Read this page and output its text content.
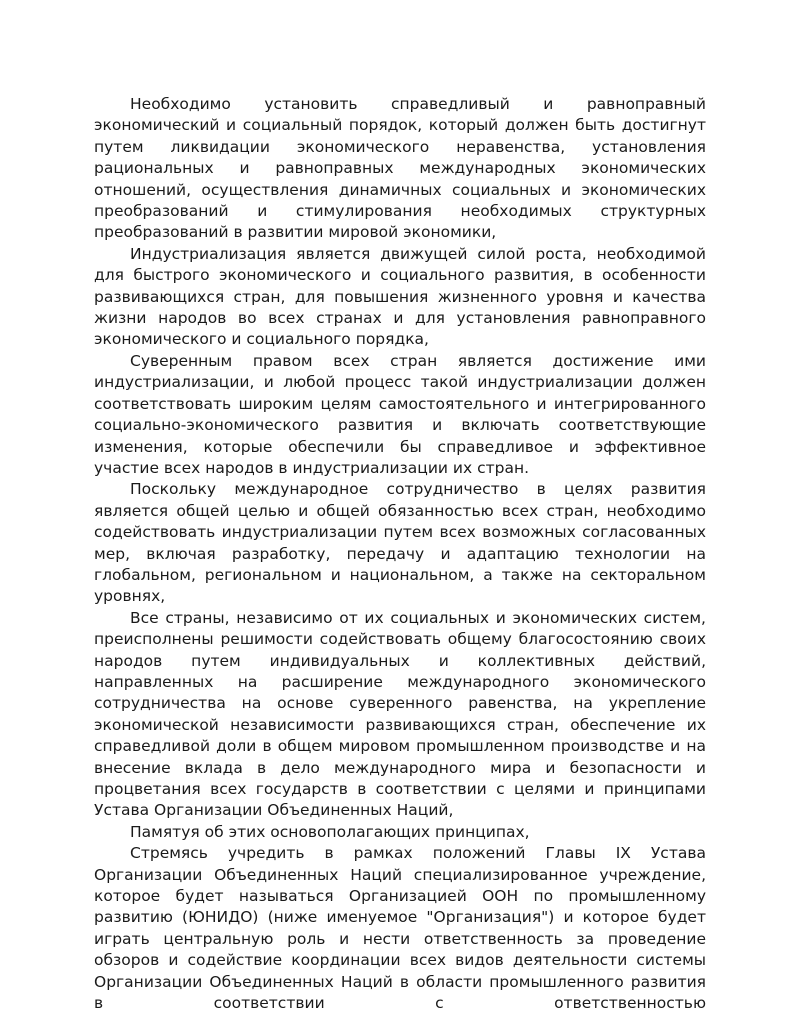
Необходимо установить справедливый и равноправный экономический и социальный порядок, который должен быть достигнут путем ликвидации экономического неравенства, установления рациональных и равноправных международных экономических отношений, осуществления динамичных социальных и экономических преобразований и стимулирования необходимых структурных преобразований в развитии мировой экономики,

Индустриализация является движущей силой роста, необходимой для быстрого экономического и социального развития, в особенности развивающихся стран, для повышения жизненного уровня и качества жизни народов во всех странах и для установления равноправного экономического и социального порядка,

Суверенным правом всех стран является достижение ими индустриализации, и любой процесс такой индустриализации должен соответствовать широким целям самостоятельного и интегрированного социально-экономического развития и включать соответствующие изменения, которые обеспечили бы справедливое и эффективное участие всех народов в индустриализации их стран.

Поскольку международное сотрудничество в целях развития является общей целью и общей обязанностью всех стран, необходимо содействовать индустриализации путем всех возможных согласованных мер, включая разработку, передачу и адаптацию технологии на глобальном, региональном и национальном, а также на секторальном уровнях,

Все страны, независимо от их социальных и экономических систем, преисполнены решимости содействовать общему благосостоянию своих народов путем индивидуальных и коллективных действий, направленных на расширение международного экономического сотрудничества на основе суверенного равенства, на укрепление экономической независимости развивающихся стран, обеспечение их справедливой доли в общем мировом промышленном производстве и на внесение вклада в дело международного мира и безопасности и процветания всех государств в соответствии с целями и принципами Устава Организации Объединенных Наций,

Памятуя об этих основополагающих принципах,

Стремясь учредить в рамках положений Главы IX Устава Организации Объединенных Наций специализированное учреждение, которое будет называться Организацией ООН по промышленному развитию (ЮНИДО) (ниже именуемое "Организация") и которое будет играть центральную роль и нести ответственность за проведение обзоров и содействие координации всех видов деятельности системы Организации Объединенных Наций в области промышленного развития в соответствии с ответственностью
